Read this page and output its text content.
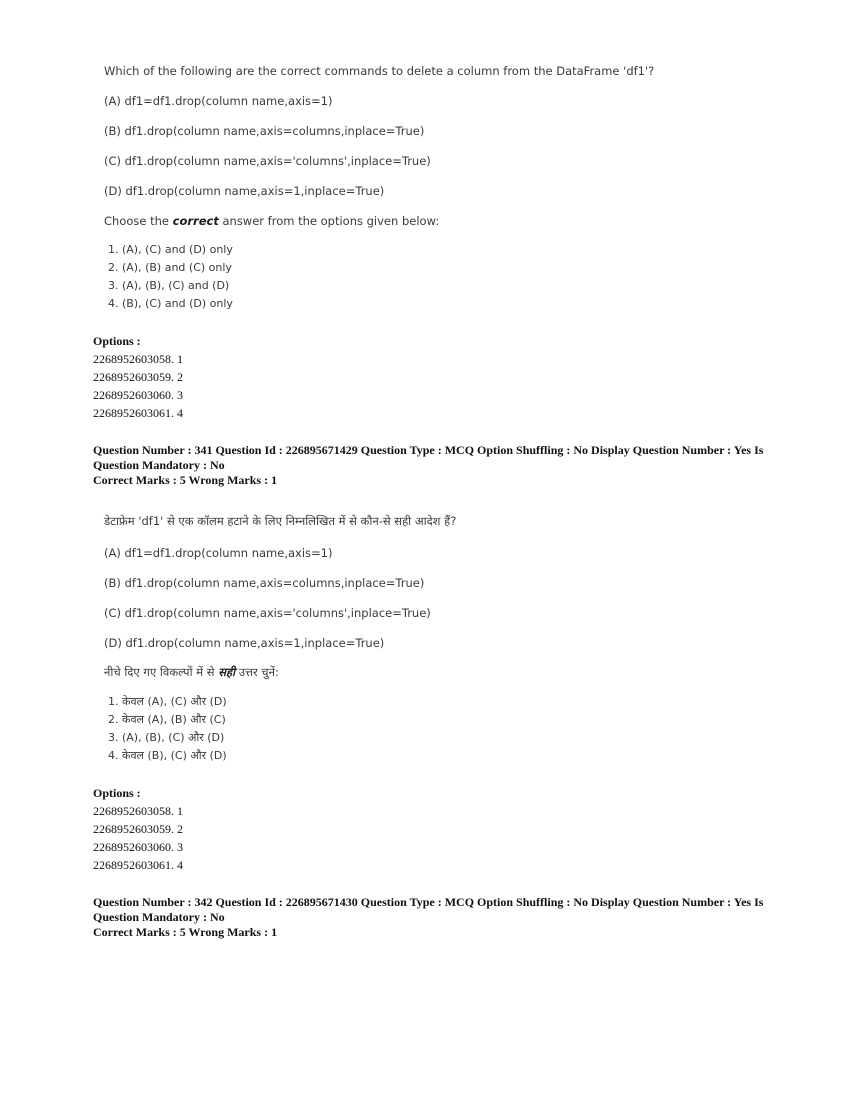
Which of the following are the correct commands to delete a column from the DataFrame 'df1'?
(A) df1=df1.drop(column name,axis=1)
(B) df1.drop(column name,axis=columns,inplace=True)
(C) df1.drop(column name,axis='columns',inplace=True)
(D) df1.drop(column name,axis=1,inplace=True)
Choose the correct answer from the options given below:
1. (A), (C) and (D) only
2. (A), (B) and (C) only
3. (A), (B), (C) and (D)
4. (B), (C) and (D) only
Options :
2268952603058. 1
2268952603059. 2
2268952603060. 3
2268952603061. 4
Question Number : 341 Question Id : 226895671429 Question Type : MCQ Option Shuffling : No Display Question Number : Yes Is
Question Mandatory : No
Correct Marks : 5 Wrong Marks : 1
डेटाफ्रेम 'df1' से एक कॉलम हटाने के लिए निम्नलिखित में से कौन-से सही आदेश हैं?
(A) df1=df1.drop(column name,axis=1)
(B) df1.drop(column name,axis=columns,inplace=True)
(C) df1.drop(column name,axis='columns',inplace=True)
(D) df1.drop(column name,axis=1,inplace=True)
नीचे दिए गए विकल्पों में से सही उत्तर चुनें:
1. केवल (A), (C) और (D)
2. केवल (A), (B) और (C)
3. (A), (B), (C) और (D)
4. केवल (B), (C) और (D)
Options :
2268952603058. 1
2268952603059. 2
2268952603060. 3
2268952603061. 4
Question Number : 342 Question Id : 226895671430 Question Type : MCQ Option Shuffling : No Display Question Number : Yes Is
Question Mandatory : No
Correct Marks : 5 Wrong Marks : 1
